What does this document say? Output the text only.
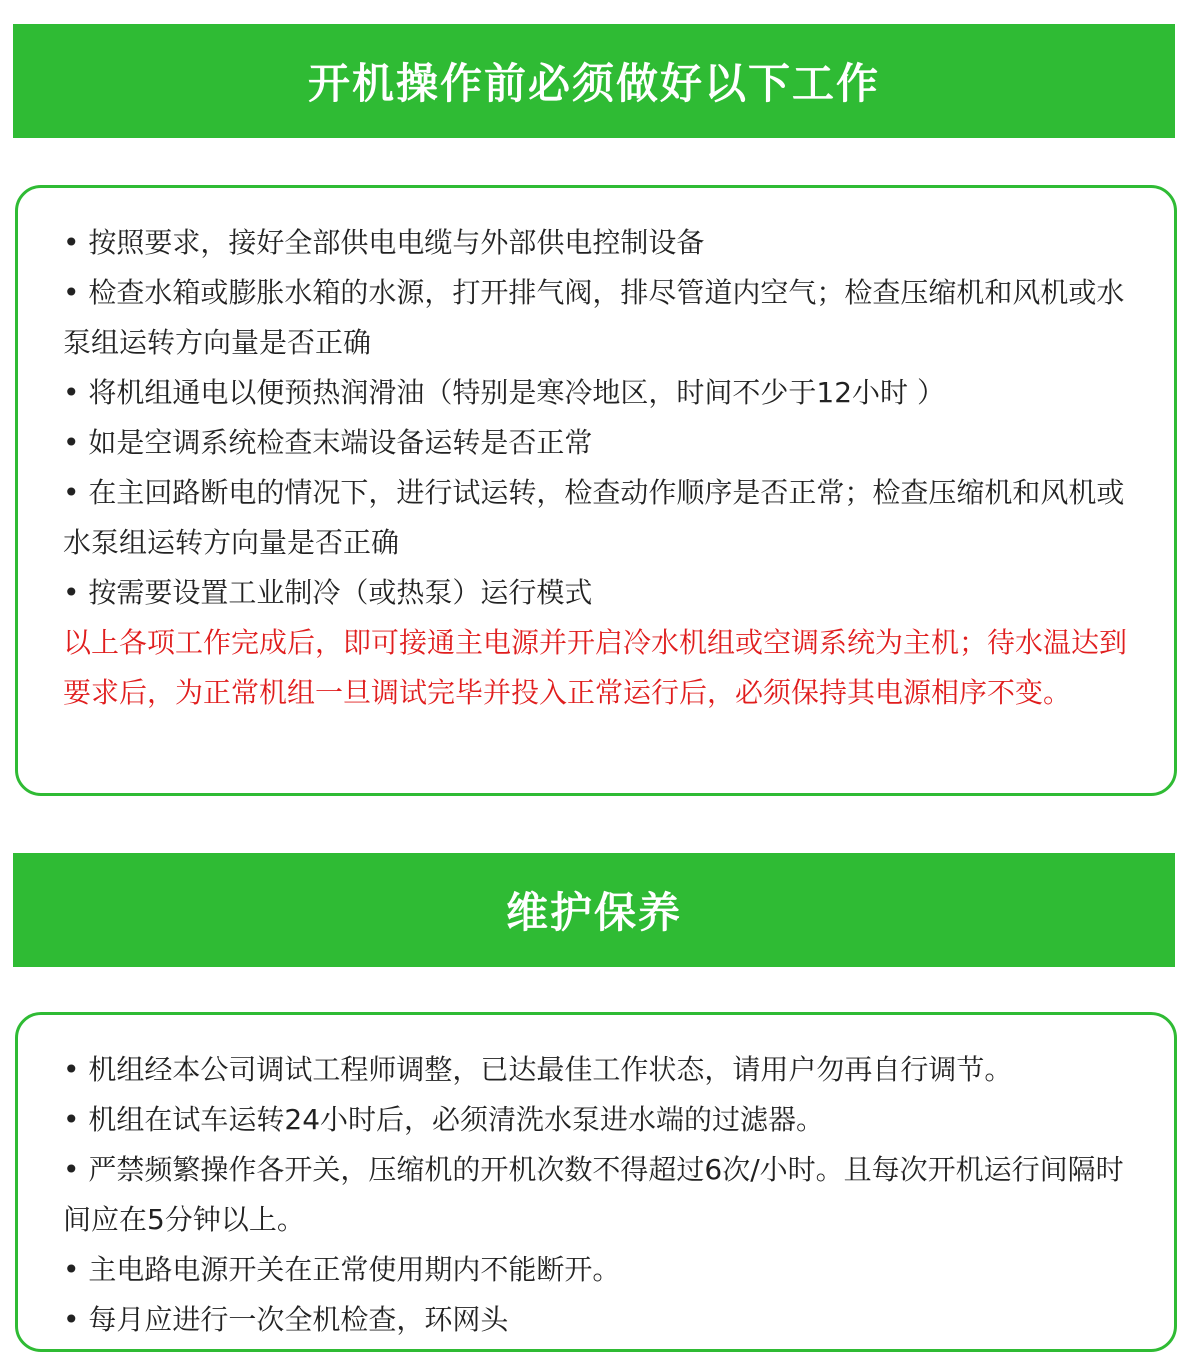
开机操作前必须做好以下工作

• 按照要求，接好全部供电电缆与外部供电控制设备

• 检查水箱或膨胀水箱的水源，打开排气阀，排尽管道内空气；检查压缩机和风机或水泵组运转方向量是否正确

• 将机组通电以便预热润滑油（特别是寒冷地区，时间不少于12小时 ）

• 如是空调系统检查末端设备运转是否正常

• 在主回路断电的情况下，进行试运转，检查动作顺序是否正常；检查压缩机和风机或水泵组运转方向量是否正确

• 按需要设置工业制冷（或热泵）运行模式

以上各项工作完成后，即可接通主电源并开启冷水机组或空调系统为主机；待水温达到要求后，为正常机组一旦调试完毕并投入正常运行后，必须保持其电源相序不变。

维护保养

• 机组经本公司调试工程师调整，已达最佳工作状态，请用户勿再自行调节。

• 机组在试车运转24小时后，必须清洗水泵进水端的过滤器。

• 严禁频繁操作各开关，压缩机的开机次数不得超过6次/小时。且每次开机运行间隔时间应在5分钟以上。

• 主电路电源开关在正常使用期内不能断开。

• 每月应进行一次全机检查，环网头
